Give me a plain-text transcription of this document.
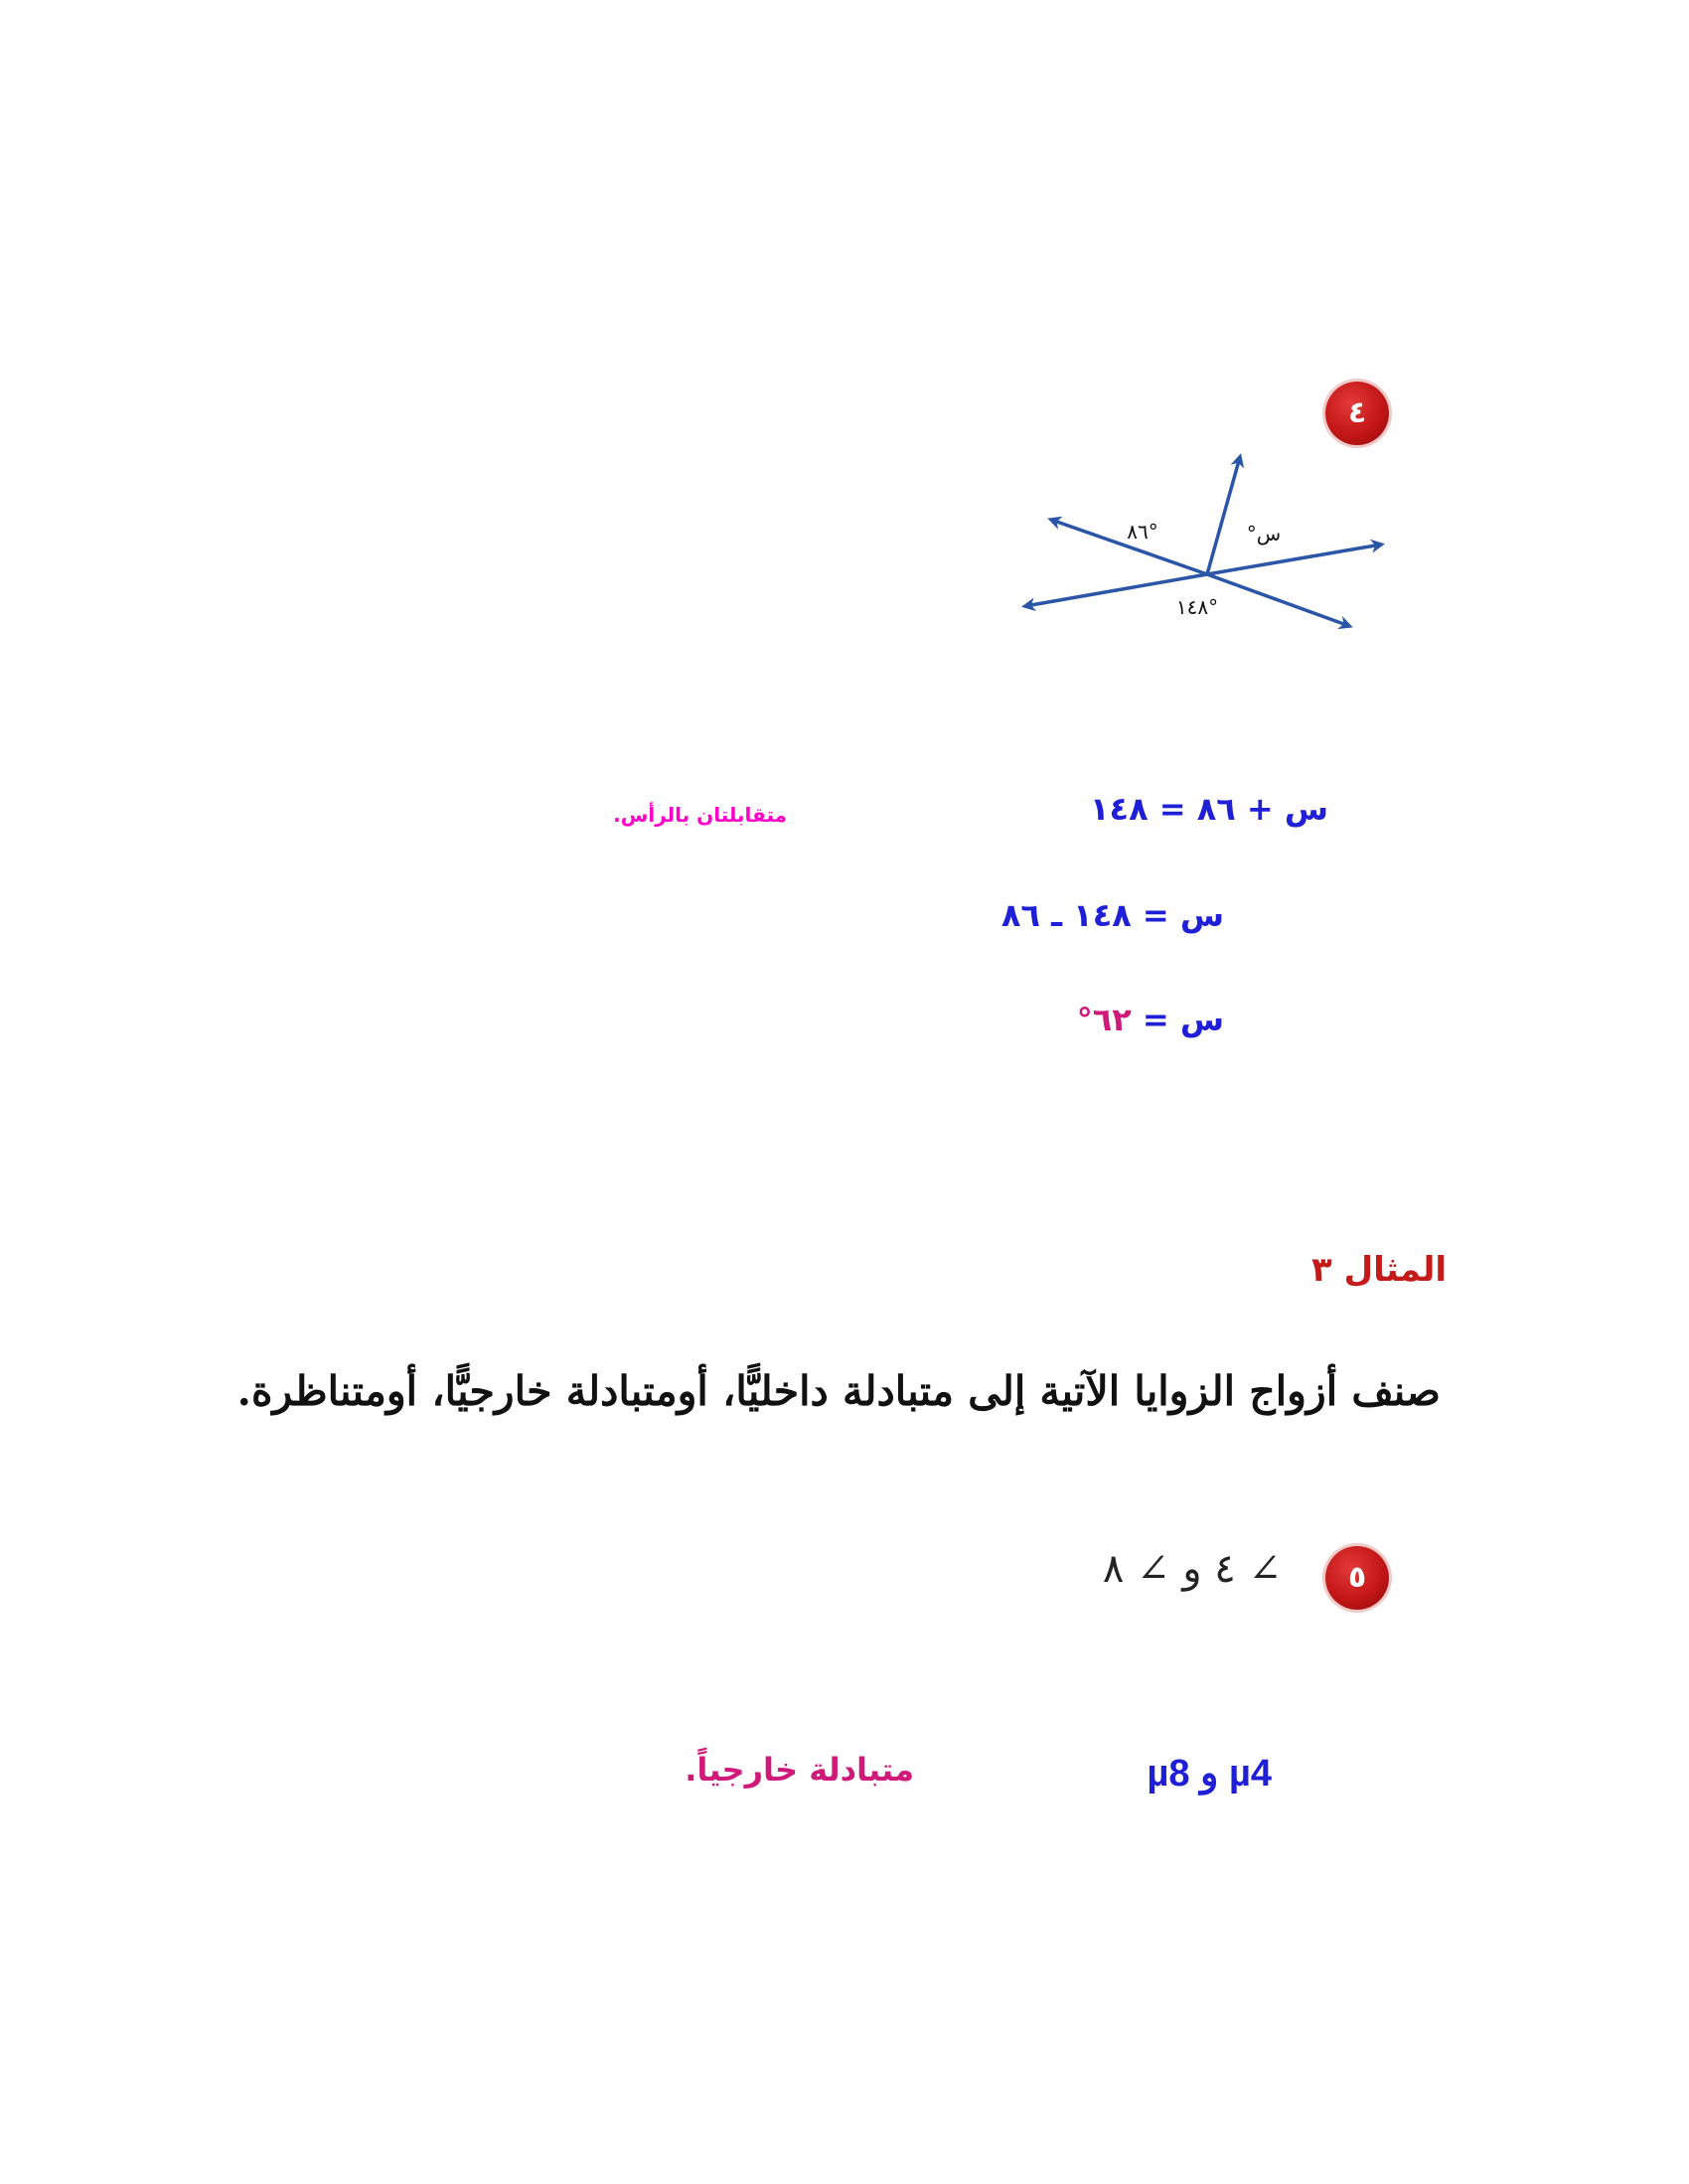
٤
°٨٦	س°
°١٤٨
س + ٨٦ = ١٤٨
متقابلتان بالرأس.
س = ١٤٨ ـ ٨٦
س = ٦٢°
المثال ٣
صنف أزواج الزوايا الآتية إلى متبادلة داخليًّا، أومتبادلة خارجيًّا، أومتناظرة.
٥
∠ ٤ و ∠ ٨
µ4 و µ8
متبادلة خارجياً.
